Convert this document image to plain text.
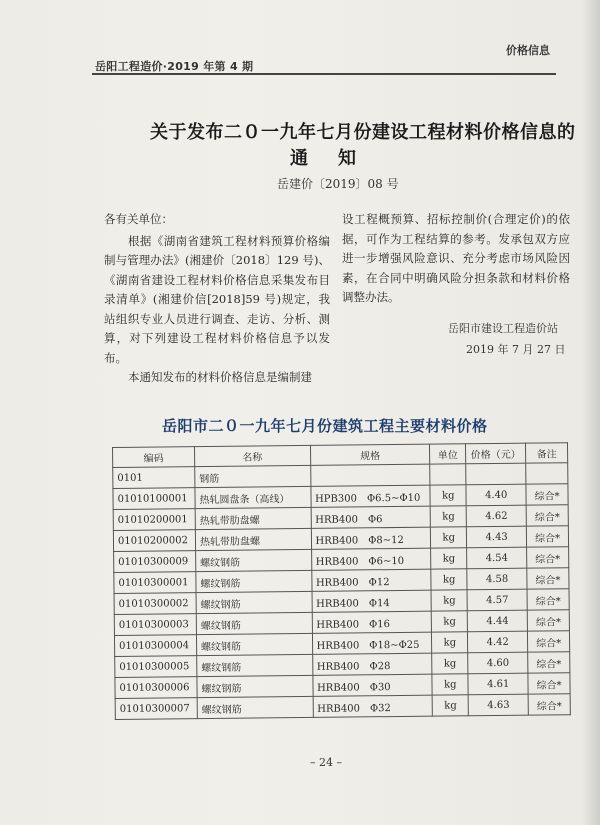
岳阳工程造价·2019 年第 4 期
价格信息
关于发布二０一九年七月份建设工程材料价格信息的
通知
岳建价〔2019〕08 号

各有关单位：

根据《湖南省建筑工程材料预算价格编制与管理办法》(湘建价〔2018〕129 号)、《湖南省建设工程材料价格信息采集发布目录清单》(湘建价信[2018]59 号)规定，我站组织专业人员进行调查、走访、分析、测算，对下列建设工程材料价格信息予以发布。

本通知发布的材料价格信息是编制建

设工程概预算、招标控制价(合理定价)的依据，可作为工程结算的参考。发承包双方应进一步增强风险意识、充分考虑市场风险因素，在合同中明确风险分担条款和材料价格调整办法。

岳阳市建设工程造价站
2019 年 7 月 27 日
岳阳市二０一九年七月份建筑工程主要材料价格
编码	名称	规格	单位	价格（元）	备注
0101	钢筋				
01010100001	热轧圆盘条（高线）	HPB300　Φ6.5~Φ10	kg	4.40	综合*
01010200001	热轧带肋盘螺	HRB400　Φ6	kg	4.62	综合*
01010200002	热轧带肋盘螺	HRB400　Φ8~12	kg	4.43	综合*
01010300009	螺纹钢筋	HRB400　Φ6~10	kg	4.54	综合*
01010300001	螺纹钢筋	HRB400　Φ12	kg	4.58	综合*
01010300002	螺纹钢筋	HRB400　Φ14	kg	4.57	综合*
01010300003	螺纹钢筋	HRB400　Φ16	kg	4.44	综合*
01010300004	螺纹钢筋	HRB400　Φ18~Φ25	kg	4.42	综合*
01010300005	螺纹钢筋	HRB400　Φ28	kg	4.60	综合*
01010300006	螺纹钢筋	HRB400　Φ30	kg	4.61	综合*
01010300007	螺纹钢筋	HRB400　Φ32	kg	4.63	综合*
– 24 –
